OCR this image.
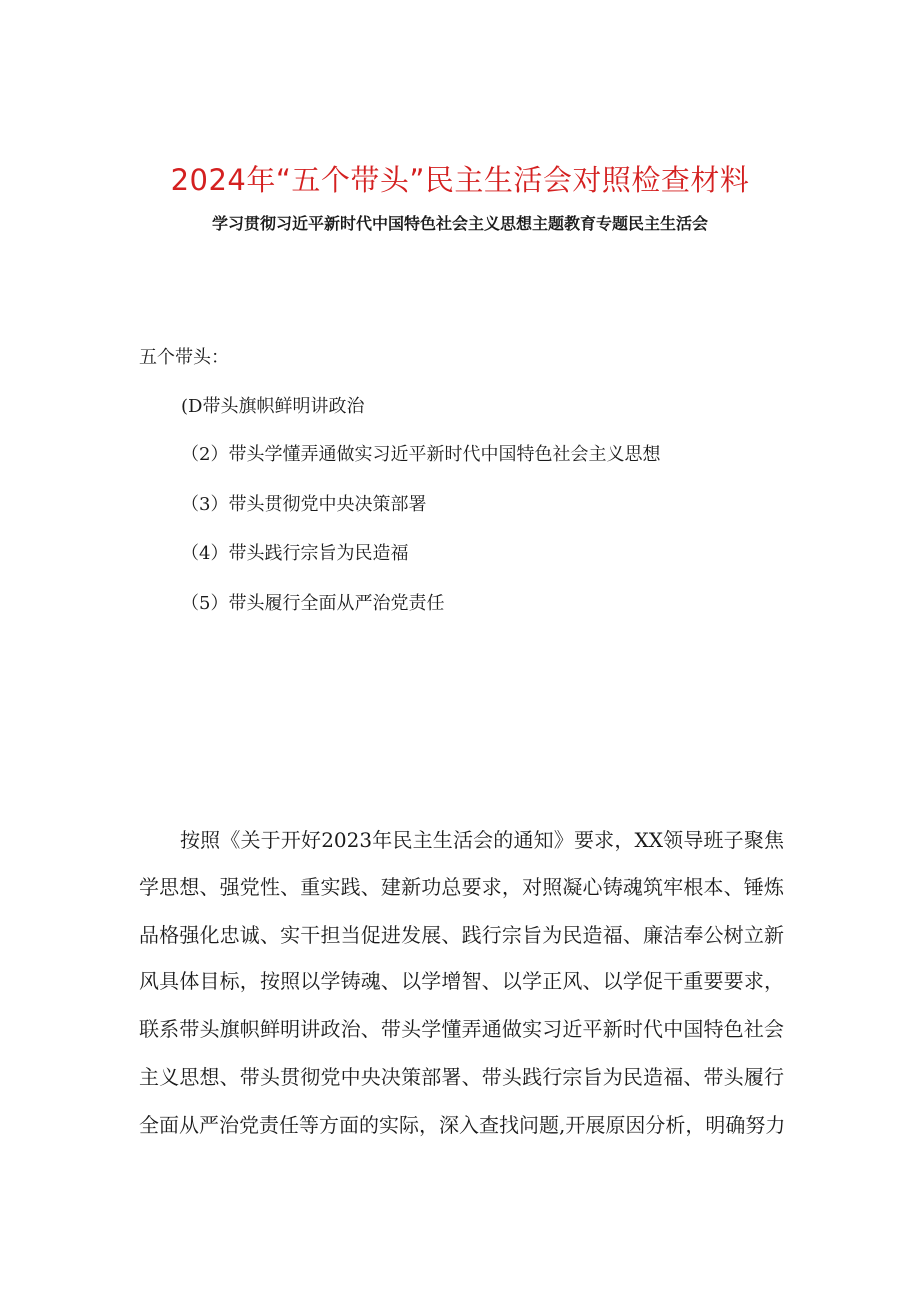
2024年“五个带头”民主生活会对照检查材料
学习贯彻习近平新时代中国特色社会主义思想主题教育专题民主生活会
五个带头：
(D带头旗帜鲜明讲政治
（2）带头学懂弄通做实习近平新时代中国特色社会主义思想
（3）带头贯彻党中央决策部署
（4）带头践行宗旨为民造福
（5）带头履行全面从严治党责任
按照《关于开好2023年民主生活会的通知》要求，XX领导班子聚焦
学思想、强党性、重实践、建新功总要求，对照凝心铸魂筑牢根本、锤炼
品格强化忠诚、实干担当促进发展、践行宗旨为民造福、廉洁奉公树立新
风具体目标，按照以学铸魂、以学增智、以学正风、以学促干重要要求，
联系带头旗帜鲜明讲政治、带头学懂弄通做实习近平新时代中国特色社会
主义思想、带头贯彻党中央决策部署、带头践行宗旨为民造福、带头履行
全面从严治党责任等方面的实际，深入查找问题,开展原因分析，明确努力
